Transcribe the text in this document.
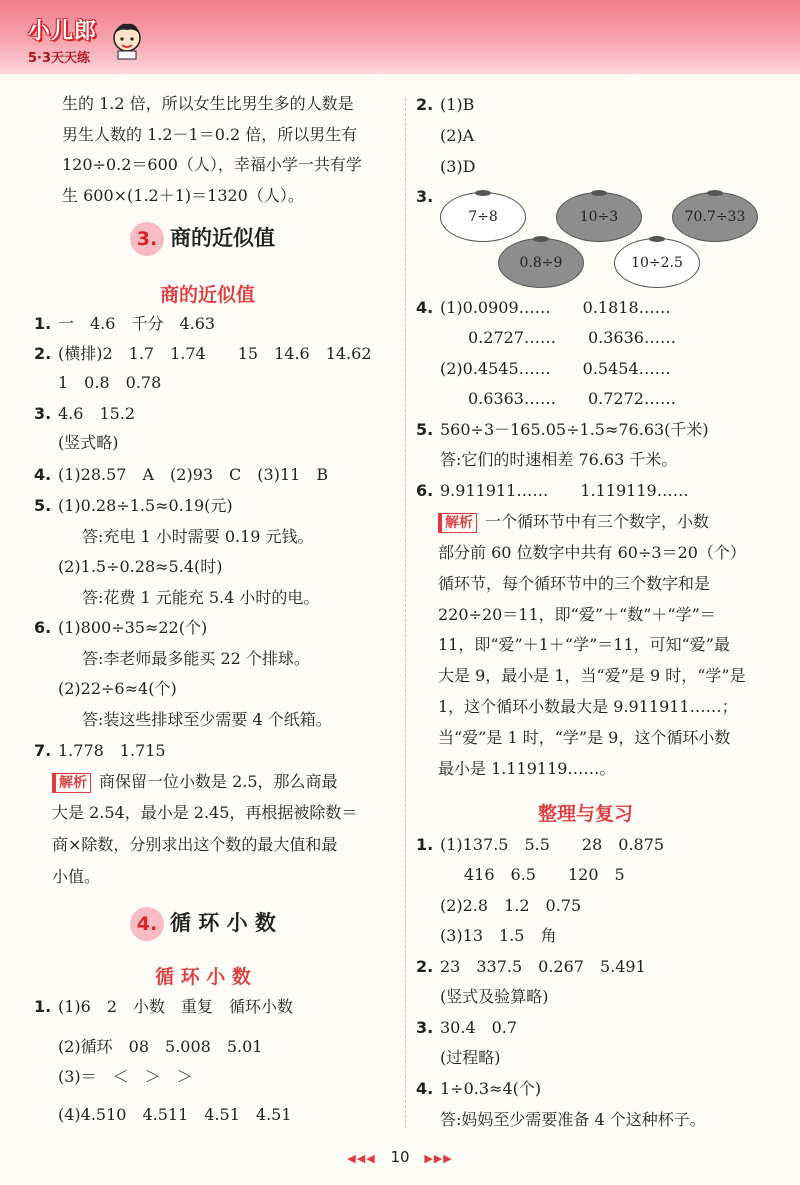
小儿郎
5·3天天练
◀◀◀ 10 ▶▶▶
生的 1.2 倍，所以女生比男生多的人数是
男生人数的 1.2－1＝0.2 倍，所以男生有
120÷0.2＝600（人），幸福小学一共有学
生 600×(1.2＋1)＝1320（人）。
3. 商的近似值
商的近似值
1. 一　4.6　千分　4.63
2. (横排)2　1.7　1.74　　15　14.6　14.62
1　0.8　0.78
3. 4.6　15.2
(竖式略)
4. (1)28.57　A　(2)93　C　(3)11　B
5. (1)0.28÷1.5≈0.19(元)
答:充电 1 小时需要 0.19 元钱。
(2)1.5÷0.28≈5.4(时)
答:花费 1 元能充 5.4 小时的电。
6. (1)800÷35≈22(个)
答:李老师最多能买 22 个排球。
(2)22÷6≈4(个)
答:装这些排球至少需要 4 个纸箱。
7. 1.778　1.715
解析 商保留一位小数是 2.5，那么商最
大是 2.54，最小是 2.45，再根据被除数＝
商×除数，分别求出这个数的最大值和最
小值。
4. 循 环 小 数
循 环 小 数
1. (1)6　2　小数　重复　循环小数
(2)循环　08　5.008　5.01
(3)＝　＜　＞　＞
(4)4.510　4.511　4.51　4.51
2. (1)B
(2)A
(3)D
3.
7÷8	10÷3	70.7÷33
0.8÷9	10÷2.5
4. (1)0.0909……　　0.1818……
0.2727……　　0.3636……
(2)0.4545……　　0.5454……
0.6363……　　0.7272……
5. 560÷3－165.05÷1.5≈76.63(千米)
答:它们的时速相差 76.63 千米。
6. 9.911911……　　1.119119……
解析 一个循环节中有三个数字，小数
部分前 60 位数字中共有 60÷3＝20（个）
循环节，每个循环节中的三个数字和是
220÷20＝11，即“爱”＋“数”＋“学”＝
11，即“爱”＋1＋“学”＝11，可知“爱”最
大是 9，最小是 1，当“爱”是 9 时，“学”是
1，这个循环小数最大是 9.911911……；
当“爱”是 1 时，“学”是 9，这个循环小数
最小是 1.119119……。
整理与复习
1. (1)137.5　5.5　　28　0.875
416　6.5　　120　5
(2)2.8　1.2　0.75
(3)13　1.5　角
2. 23　337.5　0.267　5.491
(竖式及验算略)
3. 30.4　0.7
(过程略)
4. 1÷0.3≈4(个)
答:妈妈至少需要准备 4 个这种杯子。
